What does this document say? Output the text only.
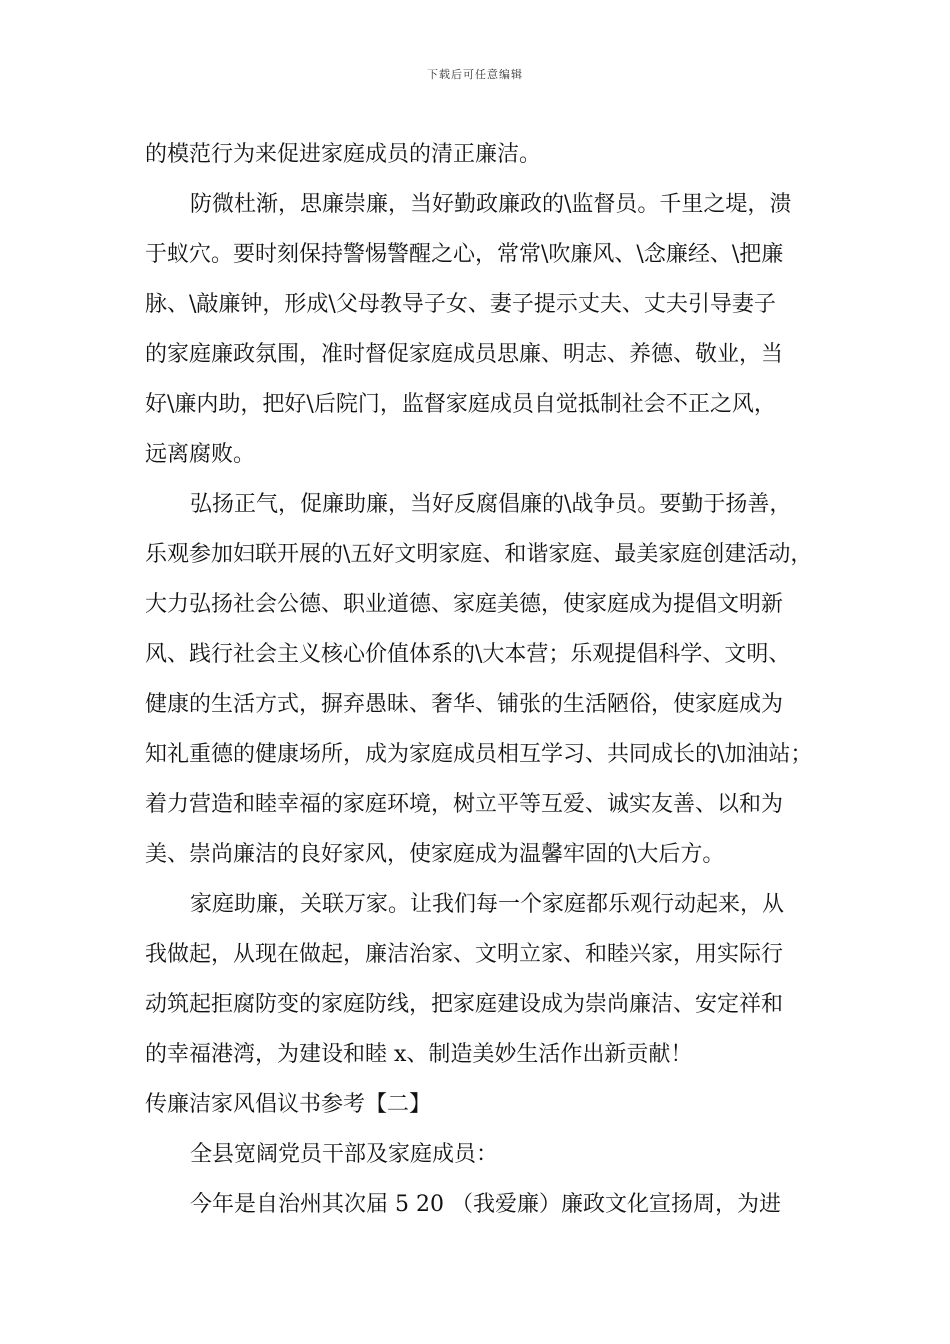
下载后可任意编辑
的模范行为来促进家庭成员的清正廉洁。
防微杜渐，思廉崇廉，当好勤政廉政的\监督员。千里之堤，溃
于蚁穴。要时刻保持警惕警醒之心，常常\吹廉风、\念廉经、\把廉
脉、\敲廉钟，形成\父母教导子女、妻子提示丈夫、丈夫引导妻子
的家庭廉政氛围，准时督促家庭成员思廉、明志、养德、敬业，当
好\廉内助，把好\后院门，监督家庭成员自觉抵制社会不正之风，
远离腐败。
弘扬正气，促廉助廉，当好反腐倡廉的\战争员。要勤于扬善，
乐观参加妇联开展的\五好文明家庭、和谐家庭、最美家庭创建活动，
大力弘扬社会公德、职业道德、家庭美德，使家庭成为提倡文明新
风、践行社会主义核心价值体系的\大本营；乐观提倡科学、文明、
健康的生活方式，摒弃愚昧、奢华、铺张的生活陋俗，使家庭成为
知礼重德的健康场所，成为家庭成员相互学习、共同成长的\加油站；
着力营造和睦幸福的家庭环境，树立平等互爱、诚实友善、以和为
美、崇尚廉洁的良好家风，使家庭成为温馨牢固的\大后方。
家庭助廉，关联万家。让我们每一个家庭都乐观行动起来，从
我做起，从现在做起，廉洁治家、文明立家、和睦兴家，用实际行
动筑起拒腐防变的家庭防线，把家庭建设成为崇尚廉洁、安定祥和
的幸福港湾，为建设和睦 x、制造美妙生活作出新贡献！
传廉洁家风倡议书参考【二】
全县宽阔党员干部及家庭成员：
今年是自治州其次届 5 20 （我爱廉）廉政文化宣扬周，为进
